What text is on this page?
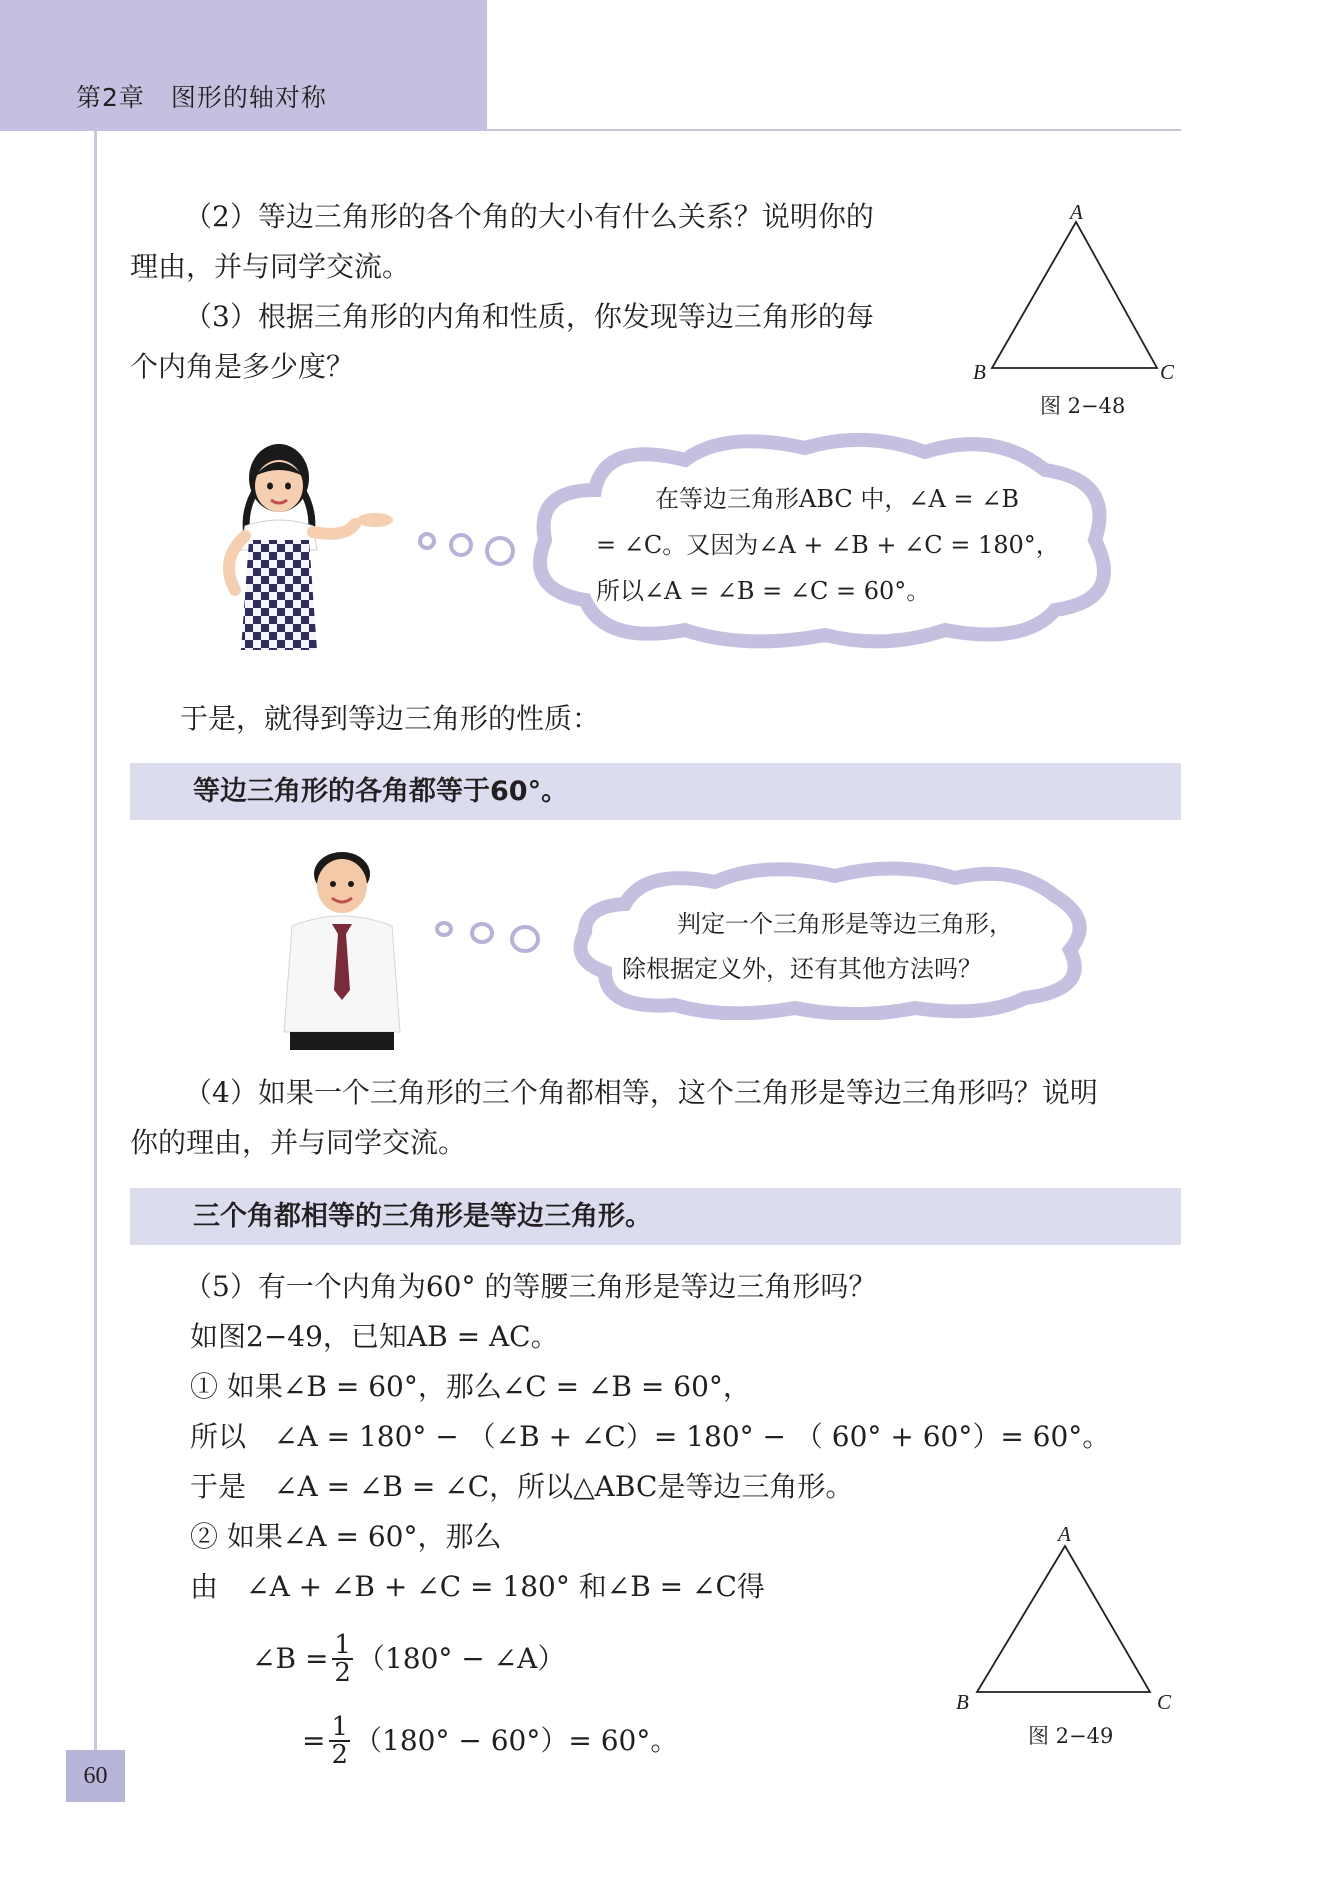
第2章　 图形的轴对称
（2）等边三角形的各个角的大小有什么关系？说明你的
理由，并与同学交流。
（3）根据三角形的内角和性质，你发现等边三角形的每
个内角是多少度？
A
B	C
图 2−48
在等边三角形ABC 中，∠A = ∠B
= ∠C。又因为∠A + ∠B + ∠C = 180°，
所以∠A = ∠B = ∠C = 60°。
于是，就得到等边三角形的性质：
等边三角形的各角都等于60°。
判定一个三角形是等边三角形，
除根据定义外，还有其他方法吗？
（4）如果一个三角形的三个角都相等，这个三角形是等边三角形吗？说明
你的理由，并与同学交流。
三个角都相等的三角形是等边三角形。
（5）有一个内角为60° 的等腰三角形是等边三角形吗？
如图2−49，已知AB = AC。
① 如果∠B = 60°，那么∠C = ∠B = 60°，
所以　∠A = 180° − （∠B + ∠C）= 180° − （ 60° + 60°）= 60°。
于是　∠A = ∠B = ∠C，所以△ABC是等边三角形。
② 如果∠A = 60°，那么
由　∠A + ∠B + ∠C = 180° 和∠B = ∠C得
∠B = $\frac{1}{2} (180^\circ$ − ∠A）
= $\frac{1}{2} (180^\circ - 60^\circ)= 60^\circ$。
A
B	C
图 2−49
60
